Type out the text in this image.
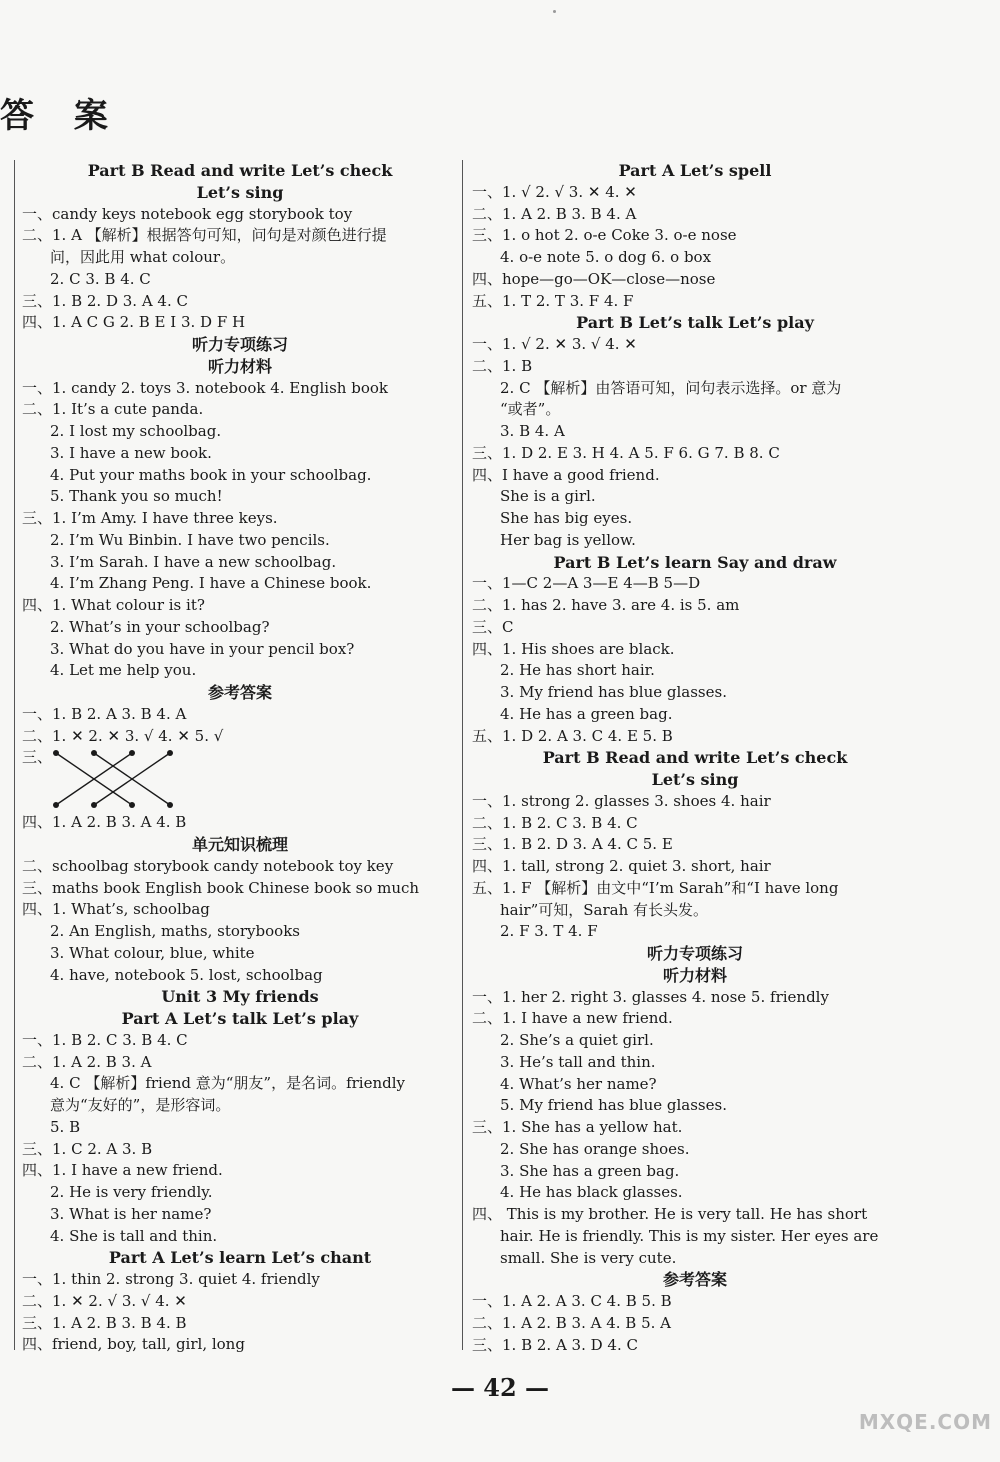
答 案
Part B Read and write Let’s check
Let’s sing
一、candy keys notebook egg storybook toy
二、1. A 【解析】根据答句可知，问句是对颜色进行提
问，因此用 what colour。
2. C 3. B 4. C
三、1. B 2. D 3. A 4. C
四、1. A C G 2. B E I 3. D F H
听力专项练习
听力材料
一、1. candy 2. toys 3. notebook 4. English book
二、1. It’s a cute panda.
2. I lost my schoolbag.
3. I have a new book.
4. Put your maths book in your schoolbag.
5. Thank you so much!
三、1. I’m Amy. I have three keys.
2. I’m Wu Binbin. I have two pencils.
3. I’m Sarah. I have a new schoolbag.
4. I’m Zhang Peng. I have a Chinese book.
四、1. What colour is it?
2. What’s in your schoolbag?
3. What do you have in your pencil box?
4. Let me help you.
参考答案
一、1. B 2. A 3. B 4. A
二、1. ✕ 2. ✕ 3. √ 4. ✕ 5. √
三、
四、1. A 2. B 3. A 4. B
单元知识梳理
二、schoolbag storybook candy notebook toy key
三、maths book English book Chinese book so much
四、1. What’s, schoolbag
2. An English, maths, storybooks
3. What colour, blue, white
4. have, notebook 5. lost, schoolbag
Unit 3 My friends
Part A Let’s talk Let’s play
一、1. B 2. C 3. B 4. C
二、1. A 2. B 3. A
4. C 【解析】friend 意为“朋友”，是名词。friendly
意为“友好的”，是形容词。
5. B
三、1. C 2. A 3. B
四、1. I have a new friend.
2. He is very friendly.
3. What is her name?
4. She is tall and thin.
Part A Let’s learn Let’s chant
一、1. thin 2. strong 3. quiet 4. friendly
二、1. ✕ 2. √ 3. √ 4. ✕
三、1. A 2. B 3. B 4. B
四、friend, boy, tall, girl, long
Part A Let’s spell
一、1. √ 2. √ 3. ✕ 4. ✕
二、1. A 2. B 3. B 4. A
三、1. o hot 2. o-e Coke 3. o-e nose
4. o-e note 5. o dog 6. o box
四、hope—go—OK—close—nose
五、1. T 2. T 3. F 4. F
Part B Let’s talk Let’s play
一、1. √ 2. ✕ 3. √ 4. ✕
二、1. B
2. C 【解析】由答语可知，问句表示选择。or 意为
“或者”。
3. B 4. A
三、1. D 2. E 3. H 4. A 5. F 6. G 7. B 8. C
四、I have a good friend.
She is a girl.
She has big eyes.
Her bag is yellow.
Part B Let’s learn Say and draw
一、1—C 2—A 3—E 4—B 5—D
二、1. has 2. have 3. are 4. is 5. am
三、C
四、1. His shoes are black.
2. He has short hair.
3. My friend has blue glasses.
4. He has a green bag.
五、1. D 2. A 3. C 4. E 5. B
Part B Read and write Let’s check
Let’s sing
一、1. strong 2. glasses 3. shoes 4. hair
二、1. B 2. C 3. B 4. C
三、1. B 2. D 3. A 4. C 5. E
四、1. tall, strong 2. quiet 3. short, hair
五、1. F 【解析】由文中“I’m Sarah”和“I have long
hair”可知，Sarah 有长头发。
2. F 3. T 4. F
听力专项练习
听力材料
一、1. her 2. right 3. glasses 4. nose 5. friendly
二、1. I have a new friend.
2. She’s a quiet girl.
3. He’s tall and thin.
4. What’s her name?
5. My friend has blue glasses.
三、1. She has a yellow hat.
2. She has orange shoes.
3. She has a green bag.
4. He has black glasses.
四、 This is my brother. He is very tall. He has short
hair. He is friendly. This is my sister. Her eyes are
small. She is very cute.
参考答案
一、1. A 2. A 3. C 4. B 5. B
二、1. A 2. B 3. A 4. B 5. A
三、1. B 2. A 3. D 4. C
— 42 —
MXQE.COM
